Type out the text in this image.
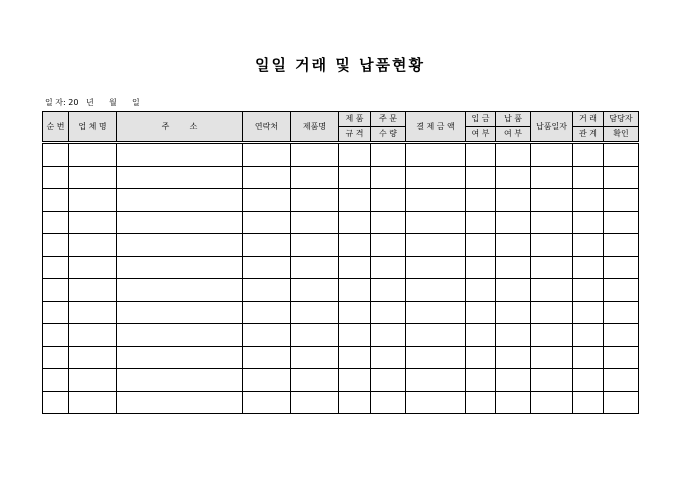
일일 거래 및 납품현황
일 자: 20   년      월      일
순 번	업 체 명	주        소	연락처	제품명	제 품	주 문	결 제 금 액	입 금	납 품	납품일자	거 래	담당자
					규 격	수 량		여 부	여 부		관 계	확인
